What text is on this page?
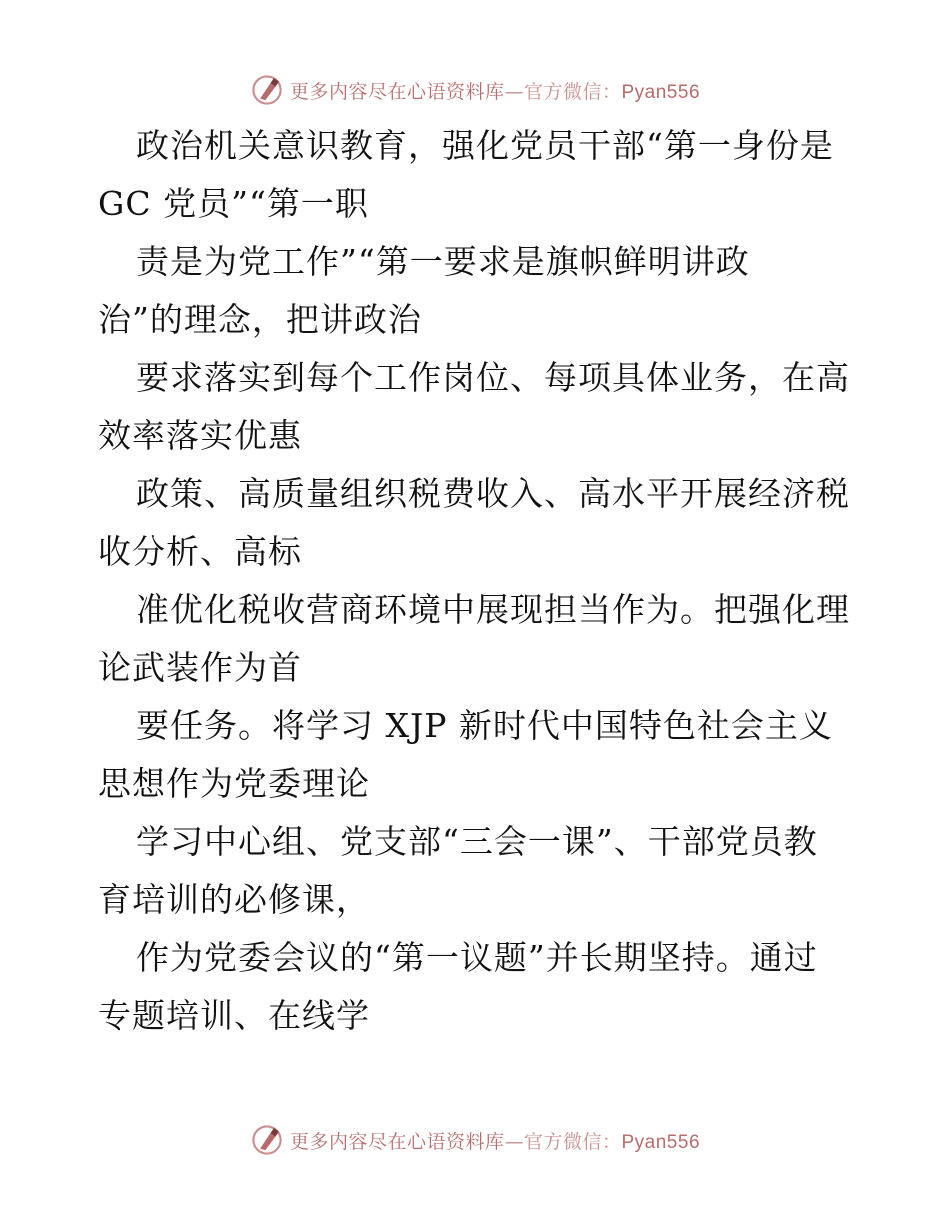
更多内容尽在心语资料库—官方微信：Pyan556
政治机关意识教育，强化党员干部“第一身份是
GC 党员”“第一职
责是为党工作”“第一要求是旗帜鲜明讲政
治”的理念，把讲政治
要求落实到每个工作岗位、每项具体业务，在高
效率落实优惠
政策、高质量组织税费收入、高水平开展经济税
收分析、高标
准优化税收营商环境中展现担当作为。把强化理
论武装作为首
要任务。将学习 XJP 新时代中国特色社会主义
思想作为党委理论
学习中心组、党支部“三会一课”、干部党员教
育培训的必修课，
作为党委会议的“第一议题”并长期坚持。通过
专题培训、在线学
更多内容尽在心语资料库—官方微信：Pyan556
